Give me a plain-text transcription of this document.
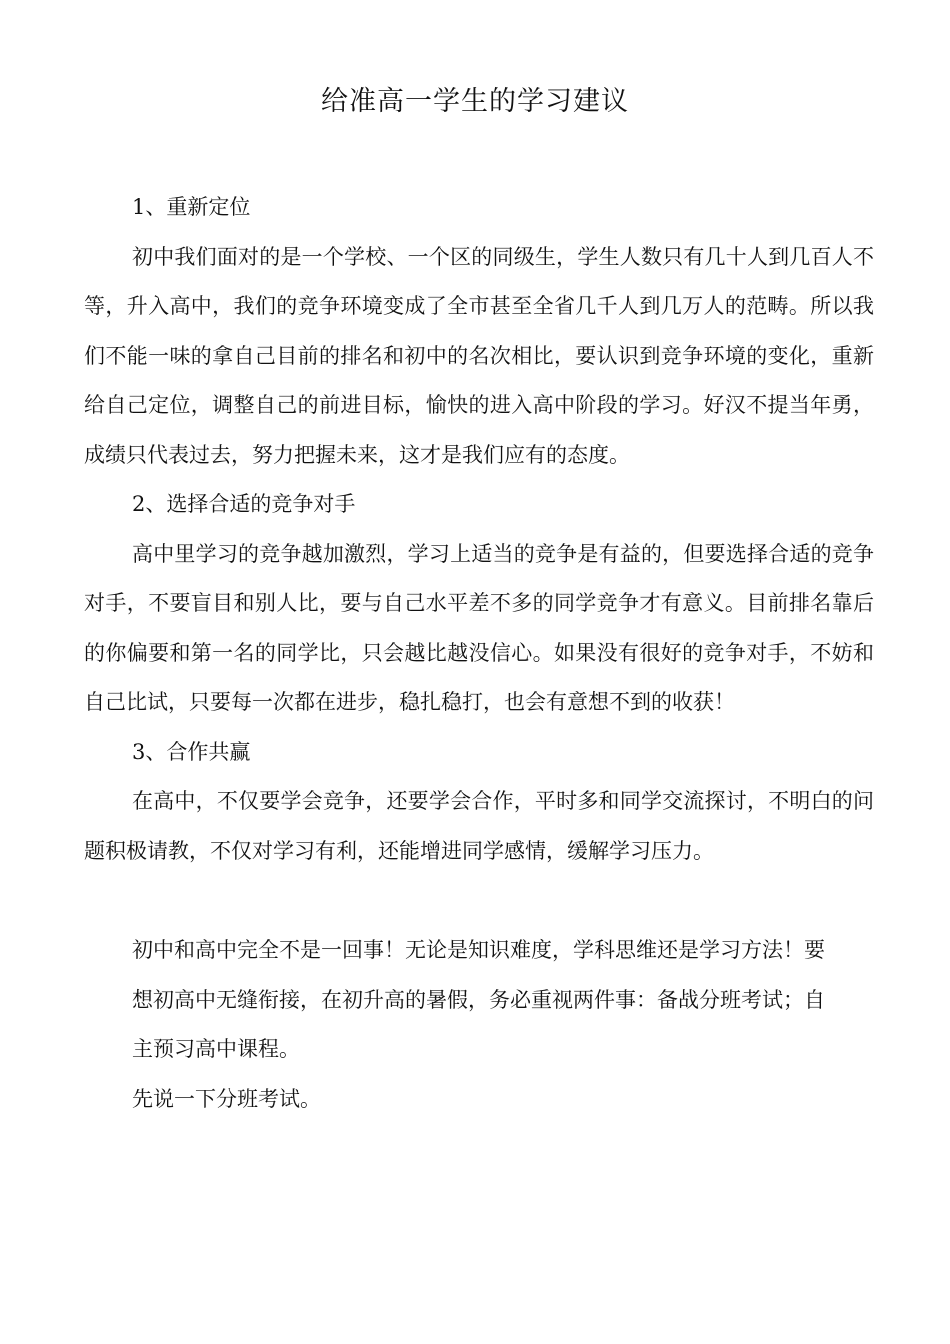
给准高一学生的学习建议

1、重新定位

初中我们面对的是一个学校、一个区的同级生，学生人数只有几十人到几百人不等，升入高中，我们的竞争环境变成了全市甚至全省几千人到几万人的范畴。所以我们不能一味的拿自己目前的排名和初中的名次相比，要认识到竞争环境的变化，重新给自己定位，调整自己的前进目标，愉快的进入高中阶段的学习。好汉不提当年勇，成绩只代表过去，努力把握未来，这才是我们应有的态度。

2、选择合适的竞争对手

高中里学习的竞争越加激烈，学习上适当的竞争是有益的，但要选择合适的竞争对手，不要盲目和别人比，要与自己水平差不多的同学竞争才有意义。目前排名靠后的你偏要和第一名的同学比，只会越比越没信心。如果没有很好的竞争对手，不妨和自己比试，只要每一次都在进步，稳扎稳打，也会有意想不到的收获！

3、合作共赢

在高中，不仅要学会竞争，还要学会合作，平时多和同学交流探讨，不明白的问题积极请教，不仅对学习有利，还能增进同学感情，缓解学习压力。

初中和高中完全不是一回事！无论是知识难度，学科思维还是学习方法！要

想初高中无缝衔接，在初升高的暑假，务必重视两件事：备战分班考试；自

主预习高中课程。

先说一下分班考试。
